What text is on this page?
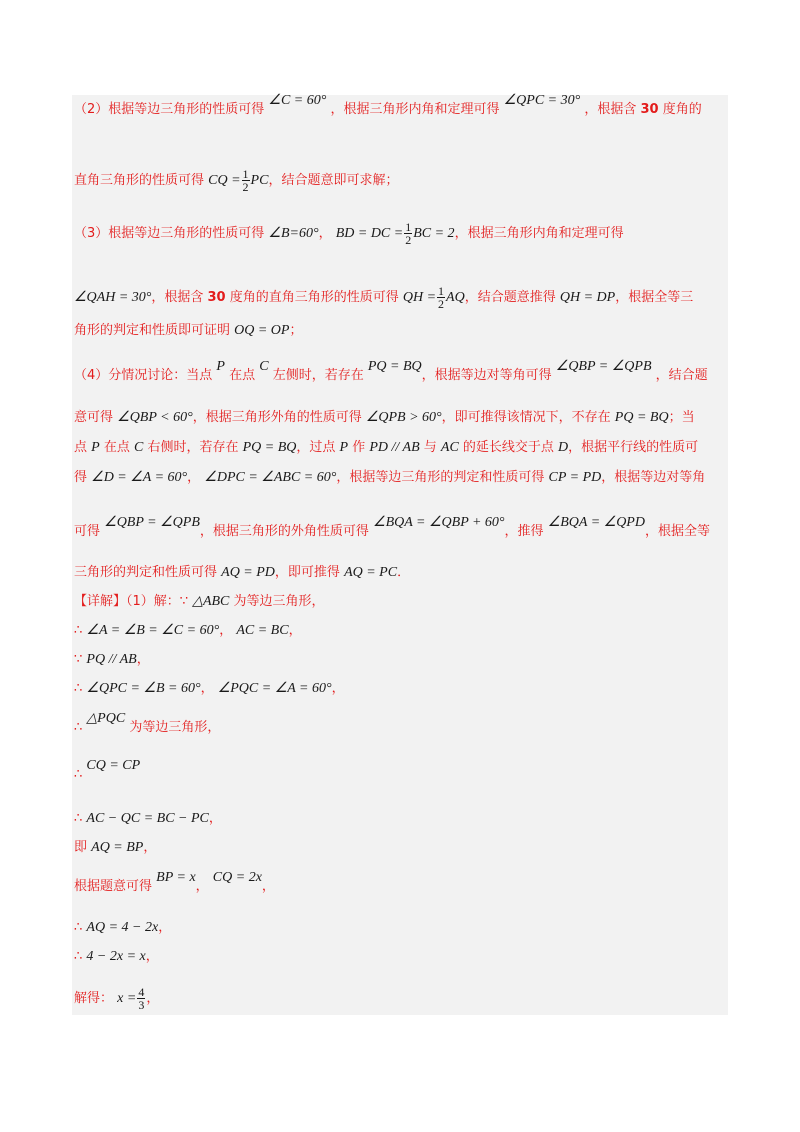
（2）根据等边三角形的性质可得 ∠C = 60° ，根据三角形内角和定理可得 ∠QPC = 30° ，根据含 30 度角的
直角三角形的性质可得 CQ = $\frac{1}{2}$ PC，结合题意即可求解；
（3）根据等边三角形的性质可得 ∠B=60°， BD = DC = $\frac{1}{2}$ BC = 2，根据三角形内角和定理可得
∠QAH = 30°，根据含 30 度角的直角三角形的性质可得 QH = $\frac{1}{2}$ AQ，结合题意推得 QH = DP，根据全等三
角形的判定和性质即可证明 OQ = OP；
（4）分情况讨论：当点 P 在点 C 左侧时，若存在 PQ = BQ，根据等边对等角可得 ∠QBP = ∠QPB ，结合题
意可得 ∠QBP < 60°，根据三角形外角的性质可得 ∠QPB > 60°，即可推得该情况下，不存在 PQ = BQ；当
点 P 在点 C 右侧时，若存在 PQ = BQ，过点 P 作 PD // AB 与 AC 的延长线交于点 D，根据平行线的性质可
得 ∠D = ∠A = 60°， ∠DPC = ∠ABC = 60°，根据等边三角形的判定和性质可得 CP = PD，根据等边对等角
可得 ∠QBP = ∠QPB，根据三角形的外角性质可得 ∠BQA = ∠QBP + 60°，推得 ∠BQA = ∠QPD，根据全等
三角形的判定和性质可得 AQ = PD，即可推得 AQ = PC．
【详解】（1）解：∵ △ABC 为等边三角形，
∴ ∠A = ∠B = ∠C = 60°， AC = BC，
∵ PQ // AB，
∴ ∠QPC = ∠B = 60°， ∠PQC = ∠A = 60°，
∴ △PQC 为等边三角形，
∴ CQ = CP
∴ AC − QC = BC − PC，
即 AQ = BP，
根据题意可得 BP = x， CQ = 2x，
∴ AQ = 4 − 2x，
∴ 4 − 2x = x，
解得： $x = \frac{4}{3}$ ，
